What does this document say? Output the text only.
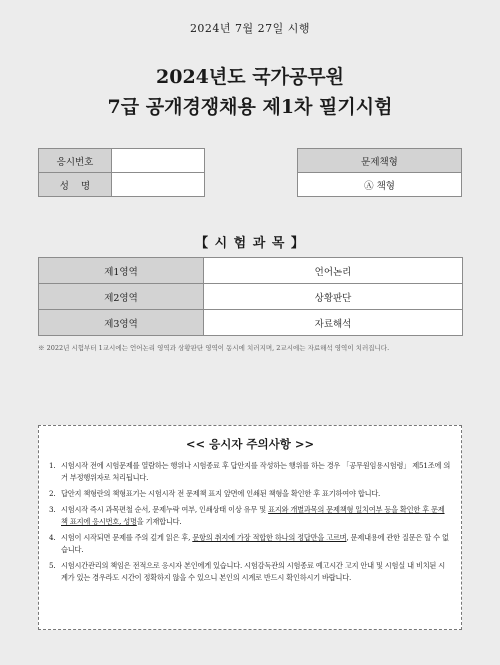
2024년 7월 27일 시행
2024년도 국가공무원
7급 공개경쟁채용 제1차 필기시험
응시번호	
성    명	
문제책형
Ⓐ 책형
【 시 험 과 목 】
제1영역	언어논리
제2영역	상황판단
제3영역	자료해석
※ 2022년 시험부터 1교시에는 언어논리 영역과 상황판단 영역이 동시에 치러지며, 2교시에는 자료해석 영역이 치러집니다.
<< 응시자 주의사항 >>
1. 시험시작 전에 시험문제를 열람하는 행위나 시험종료 후 답안지를 작성하는 행위를 하는 경우 「공무원임용시험령」 제51조에 의거 부정행위자로 처리됩니다.
2. 답안지 책형란의 책형표기는 시험시작 전 문제책 표지 앞면에 인쇄된 책형을 확인한 후 표기하여야 합니다.
3. 시험시작 즉시 과목편철 순서, 문제누락 여부, 인쇄상태 이상 유무 및 표지와 개별과목의 문제책형 일치여부 등을 확인한 후 문제책 표지에 응시번호, 성명을 기재합니다.
4. 시험이 시작되면 문제를 주의 깊게 읽은 후, 문항의 취지에 가장 적합한 하나의 정답만을 고르며, 문제내용에 관한 질문은 할 수 없습니다.
5. 시험시간관리의 책임은 전적으로 응시자 본인에게 있습니다. 시험감독관의 시험종료 예고시간 고지 안내 및 시험실 내 비치된 시계가 있는 경우라도 시간이 정확하지 않을 수 있으니 본인의 시계로 반드시 확인하시기 바랍니다.
